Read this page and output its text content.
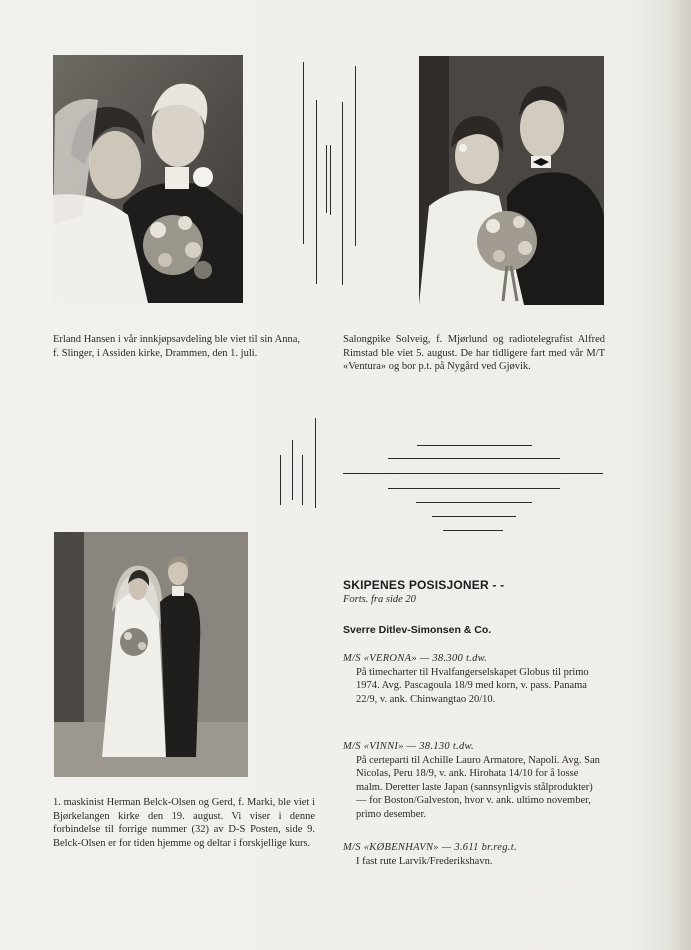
Erland Hansen i vår innkjøpsavdeling ble viet til sin Anna, f. Slinger, i Assiden kirke, Drammen, den 1. juli.
Salongpike Solveig, f. Mjørlund og radiotelegrafist Alfred Rimstad ble viet 5. august. De har tidligere fart med vår M/T «Ventura» og bor p.t. på Nygård ved Gjøvik.
1. maskinist Herman Belck-Olsen og Gerd, f. Marki, ble viet i Bjørkelangen kirke den 19. august. Vi viser i denne forbindelse til forrige nummer (32) av D-S Posten, side 9. Belck-Olsen er for tiden hjemme og deltar i forskjellige kurs.
SKIPENES POSISJONER - -
Forts. fra side 20
Sverre Ditlev-Simonsen & Co.
M/S «VERONA» — 38.300 t.dw.
På timecharter til Hvalfangerselskapet Globus til primo 1974. Avg. Pascagoula 18/9 med korn, v. pass. Panama 22/9, v. ank. Chinwangtao 20/10.
M/S «VINNI» — 38.130 t.dw.
På certeparti til Achille Lauro Armatore, Napoli. Avg. San Nicolas, Peru 18/9, v. ank. Hirohata 14/10 for å losse malm. Deretter laste Japan (sannsynligvis stålprodukter) — for Boston/Galveston, hvor v. ank. ultimo november, primo desember.
M/S «KØBENHAVN» — 3.611 br.reg.t.
I fast rute Larvik/Frederikshavn.
